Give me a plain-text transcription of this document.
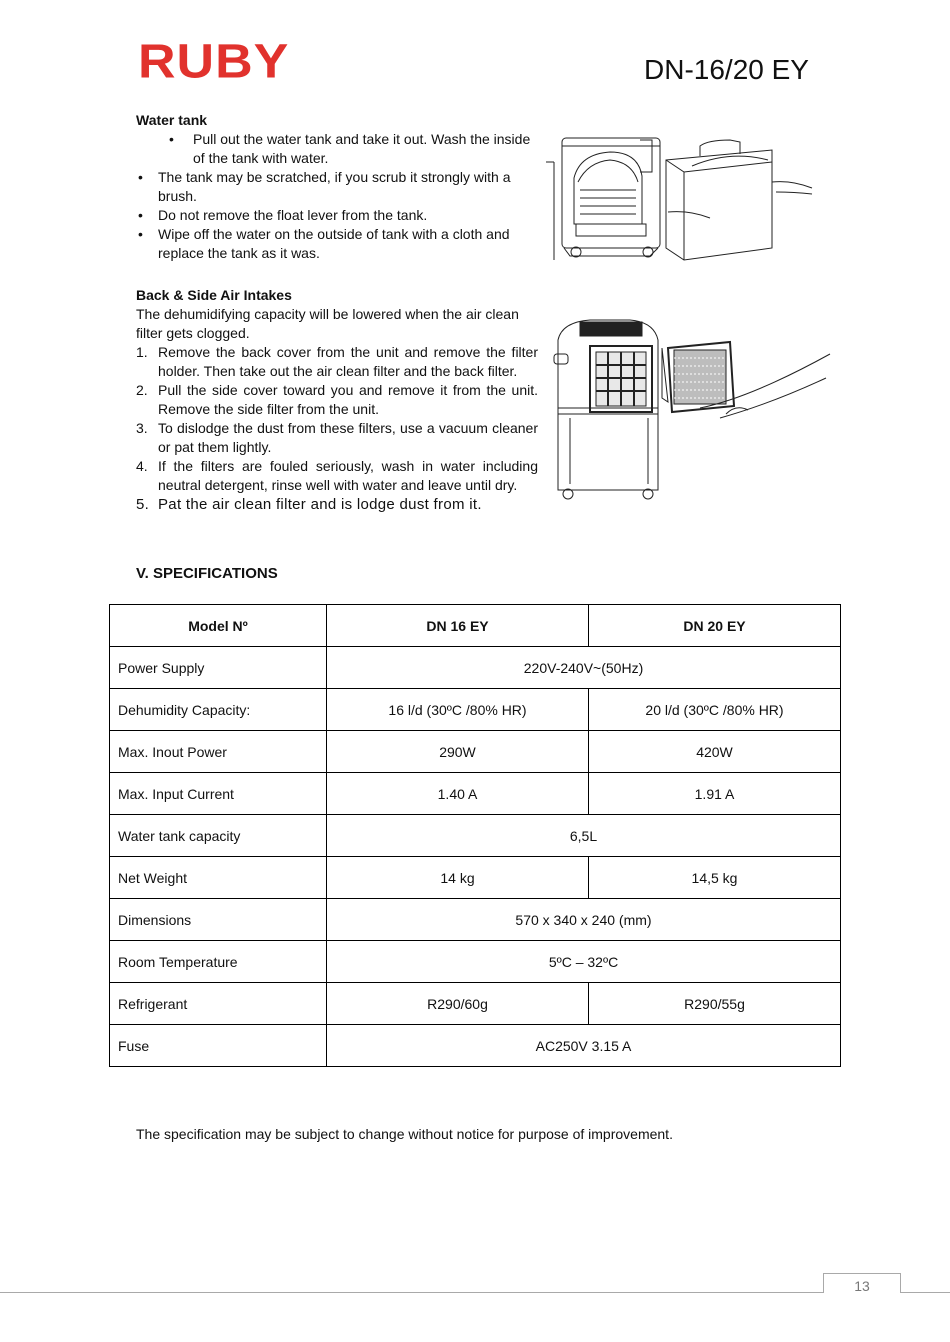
RUBY	DN-16/20 EY
Water tank
• Pull out the water tank and take it out. Wash the inside of the tank with water.
• The tank may be scratched, if you scrub it strongly with a brush.
• Do not remove the float lever from the tank.
• Wipe off the water on the outside of tank with a cloth and replace the tank as it was.
Back & Side Air Intakes
The dehumidifying capacity will be lowered when the air clean filter gets clogged.
1. Remove the back cover from the unit and remove the filter holder. Then take out the air clean filter and the back filter.
2. Pull the side cover toward you and remove it from the unit. Remove the side filter from the unit.
3. To dislodge the dust from these filters, use a vacuum cleaner or pat them lightly.
4. If the filters are fouled seriously, wash in water including neutral detergent, rinse well with water and leave until dry.
5. Pat the air clean filter and is lodge dust from it.
V. SPECIFICATIONS
Model Nº	DN 16 EY	DN 20 EY
Power Supply	220V-240V~(50Hz)	
Dehumidity Capacity:	16 l/d (30ºC /80% HR)	20 l/d (30ºC /80% HR)
Max. Inout Power	290W	420W
Max. Input Current	1.40 A	1.91 A
Water tank capacity	6,5L	
Net Weight	14 kg	14,5 kg
Dimensions	570 x 340 x 240 (mm)	
Room Temperature	5ºC – 32ºC	
Refrigerant	R290/60g	R290/55g
Fuse	AC250V 3.15 A	
The specification may be subject to change without notice for purpose of improvement.
13
